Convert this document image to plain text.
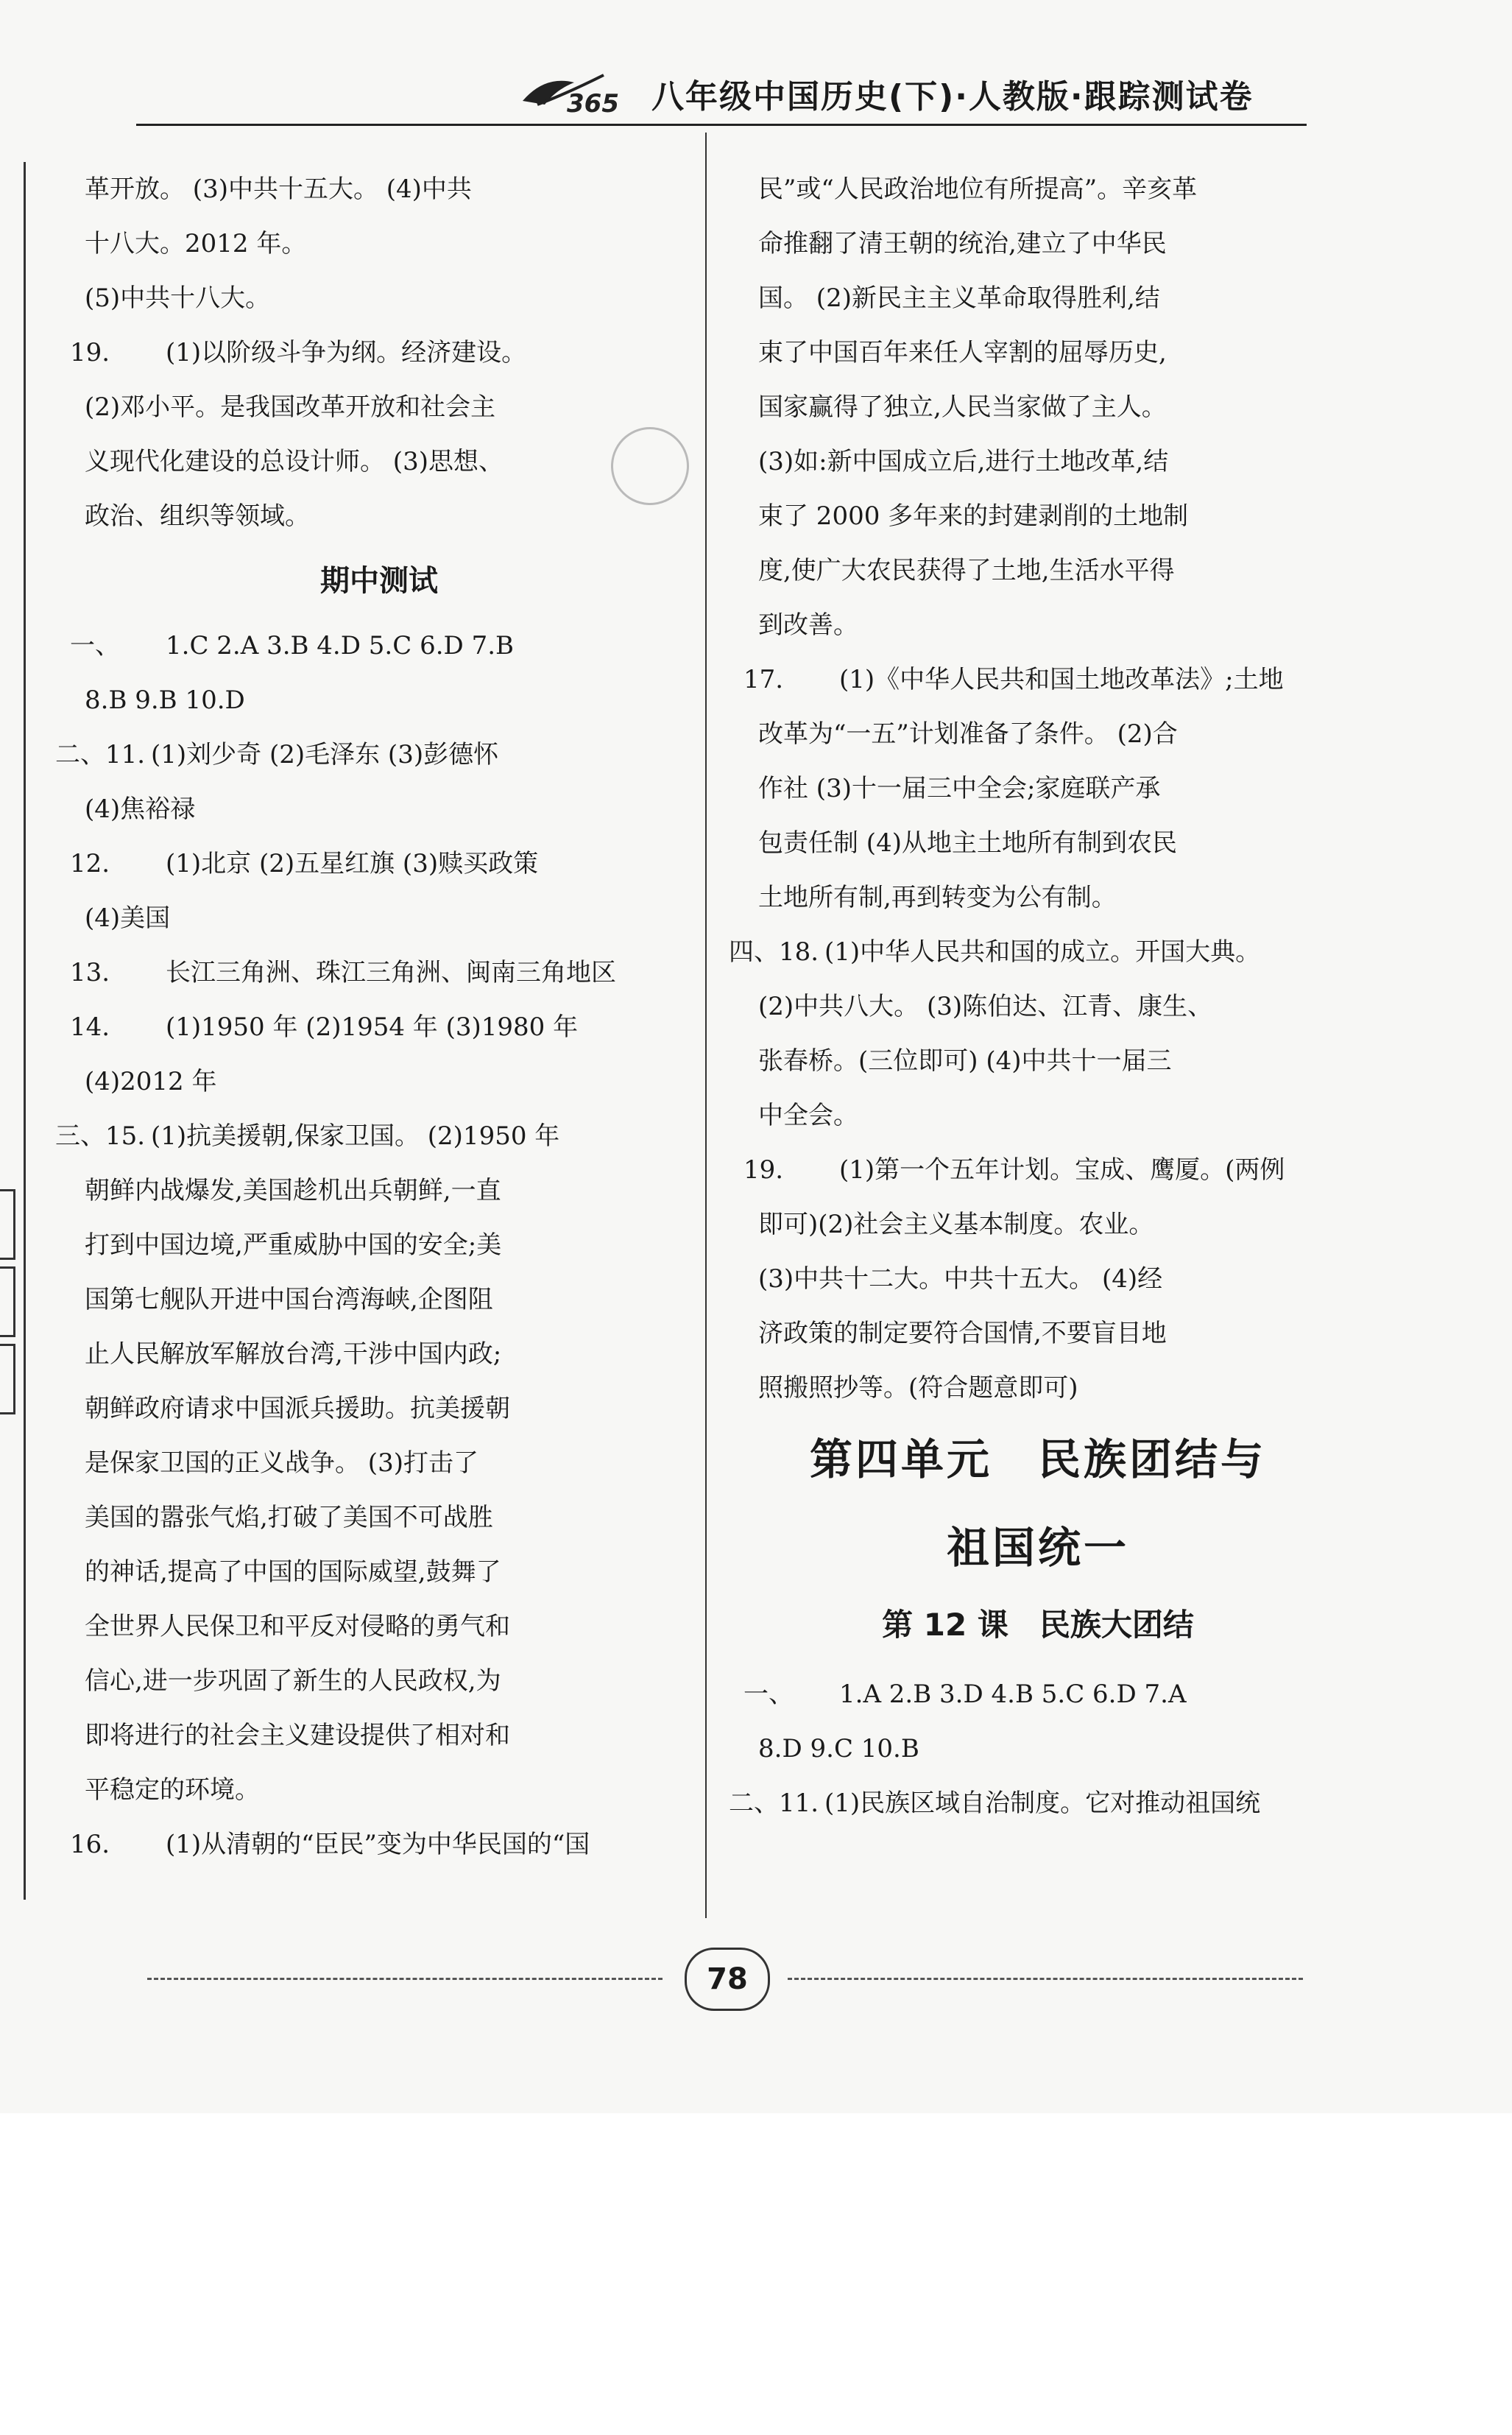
365 八年级中国历史(下)·人教版·跟踪测试卷
革开放。 (3)中共十五大。 (4)中共
十八大。2012 年。
(5)中共十八大。
19.	(1)以阶级斗争为纲。经济建设。
(2)邓小平。是我国改革开放和社会主
义现代化建设的总设计师。 (3)思想、
政治、组织等领域。
期中测试
一、	1.C 2.A 3.B 4.D 5.C 6.D 7.B
8.B 9.B 10.D
二、11. (1)刘少奇 (2)毛泽东 (3)彭德怀
(4)焦裕禄
12.	(1)北京 (2)五星红旗 (3)赎买政策
(4)美国
13.	长江三角洲、珠江三角洲、闽南三角地区
14.	(1)1950 年 (2)1954 年 (3)1980 年
(4)2012 年
三、15. (1)抗美援朝,保家卫国。 (2)1950 年
朝鲜内战爆发,美国趁机出兵朝鲜,一直
打到中国边境,严重威胁中国的安全;美
国第七舰队开进中国台湾海峡,企图阻
止人民解放军解放台湾,干涉中国内政;
朝鲜政府请求中国派兵援助。抗美援朝
是保家卫国的正义战争。 (3)打击了
美国的嚣张气焰,打破了美国不可战胜
的神话,提高了中国的国际威望,鼓舞了
全世界人民保卫和平反对侵略的勇气和
信心,进一步巩固了新生的人民政权,为
即将进行的社会主义建设提供了相对和
平稳定的环境。
16.	(1)从清朝的“臣民”变为中华民国的“国
民”或“人民政治地位有所提高”。辛亥革
命推翻了清王朝的统治,建立了中华民
国。 (2)新民主主义革命取得胜利,结
束了中国百年来任人宰割的屈辱历史,
国家赢得了独立,人民当家做了主人。
(3)如:新中国成立后,进行土地改革,结
束了 2000 多年来的封建剥削的土地制
度,使广大农民获得了土地,生活水平得
到改善。
17.	(1)《中华人民共和国土地改革法》;土地
改革为“一五”计划准备了条件。 (2)合
作社 (3)十一届三中全会;家庭联产承
包责任制 (4)从地主土地所有制到农民
土地所有制,再到转变为公有制。
四、18. (1)中华人民共和国的成立。开国大典。
(2)中共八大。 (3)陈伯达、江青、康生、
张春桥。(三位即可) (4)中共十一届三
中全会。
19.	(1)第一个五年计划。宝成、鹰厦。(两例
即可)(2)社会主义基本制度。农业。
(3)中共十二大。中共十五大。 (4)经
济政策的制定要符合国情,不要盲目地
照搬照抄等。(符合题意即可)
第四单元　民族团结与
祖国统一
第 12 课　民族大团结
一、	1.A 2.B 3.D 4.B 5.C 6.D 7.A
8.D 9.C 10.B
二、11. (1)民族区域自治制度。它对推动祖国统
78
